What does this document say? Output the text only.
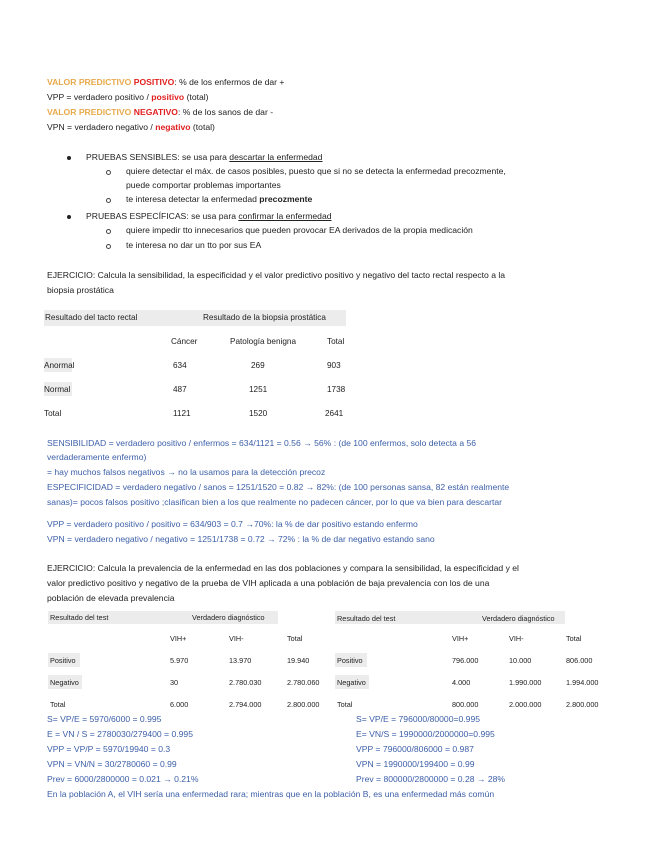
VALOR PREDICTIVO POSITIVO: % de los enfermos de dar +
VPP = verdadero positivo / positivo (total)
VALOR PREDICTIVO NEGATIVO: % de los sanos de dar -
VPN = verdadero negativo / negativo (total)
PRUEBAS SENSIBLES: se usa para descartar la enfermedad
quiere detectar el máx. de casos posibles, puesto que si no se detecta la enfermedad precozmente,
puede comportar problemas importantes
te interesa detectar la enfermedad precozmente
PRUEBAS ESPECÍFICAS: se usa para confirmar la enfermedad
quiere impedir tto innecesarios que pueden provocar EA derivados de la propia medicación
te interesa no dar un tto por sus EA
EJERCICIO: Calcula la sensibilidad, la especificidad y el valor predictivo positivo y negativo del tacto rectal respecto a la
biopsia prostática
Resultado del tacto rectal	Resultado de la biopsia prostática
Cáncer	Patología benigna	Total
Anormal	634	269	903
Normal	487	1251	1738
Total	1121	1520	2641
SENSIBILIDAD = verdadero positivo / enfermos = 634/1121 = 0.56 → 56% : (de 100 enfermos, solo detecta a 56
verdaderamente enfermo)
= hay muchos falsos negativos → no la usamos para la detección precoz
ESPECIFICIDAD = verdadero negativo / sanos = 1251/1520 = 0.82 → 82%: (de 100 personas sansa, 82 están realmente
sanas)= pocos falsos positivo ;clasifican bien a los que realmente no padecen cáncer, por lo que va bien para descartar
VPP = verdadero positivo / positivo = 634/903 = 0.7 →70%: la % de dar positivo estando enfermo
VPN = verdadero negativo / negativo = 1251/1738 = 0.72 → 72% : la % de dar negativo estando sano
EJERCICIO: Calcula la prevalencia de la enfermedad en las dos poblaciones y compara la sensibilidad, la especificidad y el
valor predictivo positivo y negativo de la prueba de VIH aplicada a una población de baja prevalencia con los de una
población de elevada prevalencia
Resultado del test	Verdadero diagnóstico
VIH+	VIH-	Total
Positivo	5.970	13.970	19.940
Negativo	30	2.780.030	2.780.060
Total	6.000	2.794.000	2.800.000
Resultado del test	Verdadero diagnóstico
VIH+	VIH-	Total
Positivo	796.000	10.000	806.000
Negativo	4.000	1.990.000	1.994.000
Total	800.000	2.000.000	2.800.000
S= VP/E = 5970/6000 = 0.995
E = VN / S = 2780030/279400 = 0.995
VPP = VP/P = 5970/19940 = 0.3
VPN = VN/N = 30/2780060 = 0.99
Prev = 6000/2800000 = 0.021 → 0.21%
S= VP/E = 796000/80000=0.995
E= VN/S = 1990000/2000000=0.995
VPP = 796000/806000 = 0.987
VPN = 1990000/199400 = 0.99
Prev = 800000/2800000 = 0.28 → 28%
En la población A, el VIH sería una enfermedad rara; mientras que en la población B, es una enfermedad más común
